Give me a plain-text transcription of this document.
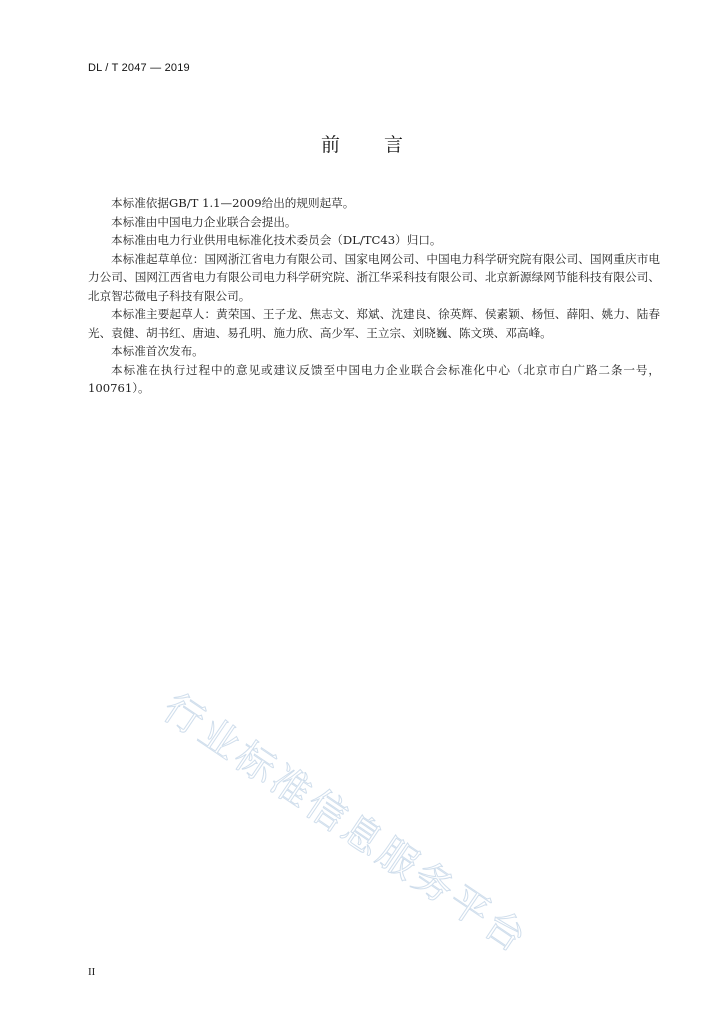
DL / T 2047 — 2019
前言

本标准依据GB/T 1.1—2009给出的规则起草。

本标准由中国电力企业联合会提出。

本标准由电力行业供用电标准化技术委员会（DL/TC43）归口。

本标准起草单位：国网浙江省电力有限公司、国家电网公司、中国电力科学研究院有限公司、国网重庆市电力公司、国网江西省电力有限公司电力科学研究院、浙江华采科技有限公司、北京新源绿网节能科技有限公司、北京智芯微电子科技有限公司。

本标准主要起草人：黄荣国、王子龙、焦志文、郑斌、沈建良、徐英辉、侯素颖、杨恒、薛阳、姚力、陆春光、袁健、胡书红、唐迪、易孔明、施力欣、高少军、王立宗、刘晓巍、陈文瑛、邓高峰。

本标准首次发布。

本标准在执行过程中的意见或建议反馈至中国电力企业联合会标准化中心（北京市白广路二条一号，100761）。

行业标准信息服务平台
II
